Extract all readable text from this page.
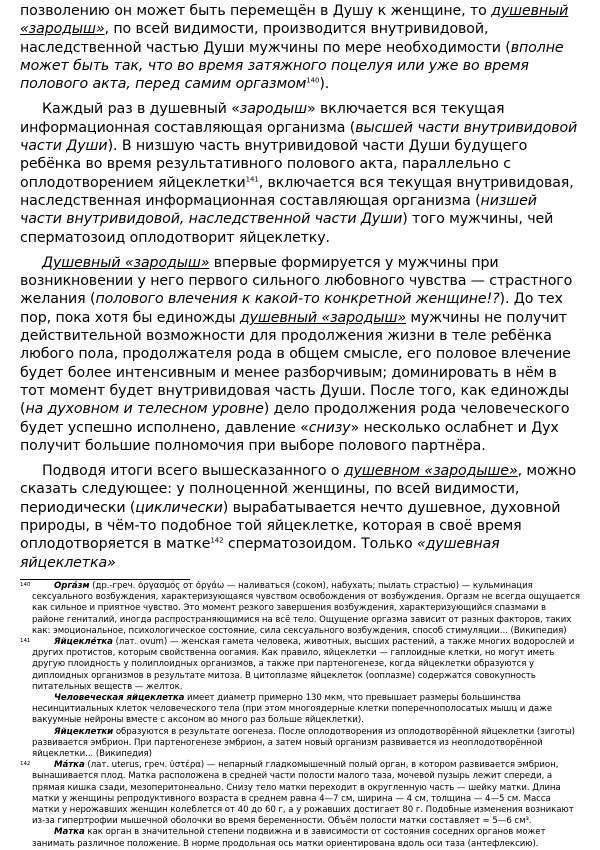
позволению он может быть перемещён в Душу к женщине, то душевный «зародыш», по всей видимости, производится внутривидовой, наследственной частью Души мужчины по мере необходимости (вполне может быть так, что во время затяжного поцелуя или уже во время полового акта, перед самим оргазмом$^{140}$).

Каждый раз в душевный «зародыш» включается вся текущая информационная составляющая организма (высшей части внутривидовой части Души). В низшую часть внутривидовой части Души будущего ребёнка во время результативного полового акта, параллельно с оплодотворением яйцеклетки$^{141}$, включается вся текущая внутривидовая, наследственная информационная составляющая организма (низшей части внутривидовой, наследственной части Души) того мужчины, чей сперматозоид оплодотворит яйцеклетку.

Душевный «зародыш» впервые формируется у мужчины при возникновении у него первого сильного любовного чувства — страстного желания (полового влечения к какой-то конкретной женщине!?). До тех пор, пока хотя бы единожды душевный «зародыш» мужчины не получит действительной возможности для продолжения жизни в теле ребёнка любого пола, продолжателя рода в общем смысле, его половое влечение будет более интенсивным и менее разборчивым; доминировать в нём в тот момент будет внутривидовая часть Души. После того, как единожды (на духовном и телесном уровне) дело продолжения рода человеческого будет успешно исполнено, давление «снизу» несколько ослабнет и Дух получит большие полномочия при выборе полового партнёра.

Подводя итоги всего вышесказанного о душевном «зародыше», можно сказать следующее: у полноценной женщины, по всей видимости, периодически (циклически) вырабатывается нечто душевное, духовной природы, в чём-то подобное той яйцеклетке, которая в своё время оплодотворяется в матке$^{142}$ сперматозоидом. Только «душевная яйцеклетка»

140	Орга́зм (др.-греч. ὀργασμός от ὀργάω — наливаться (соком), набухать; пылать страстью) — кульминация сексуального возбуждения, характеризующаяся чувством освобождения от возбуждения. Оргазм не всегда ощущается как сильное и приятное чувство. Это момент резкого завершения возбуждения, характеризующийся спазмами в районе гениталий, иногда распространяющимися на всё тело. Ощущение оргазма зависит от разных факторов, таких как: эмоциональное, психологическое состояние, сила сексуального возбуждения, способ стимуляции... (Википедия)

141	Яйцекле́тка (лат. ovum) — женская гамета человека, животных, высших растений, а также многих водорослей и других протистов, которым свойственна оогамия. Как правило, яйцеклетки — гаплоидные клетки, но могут иметь другую плоидность у полиплоидных организмов, а также при партеногенезе, когда яйцеклетки образуются у диплоидных организмов в результате митоза. В цитоплазме яйцеклеток (ооплазме) содержатся совокупность питательных веществ — желток.

Человеческая яйцеклетка имеет диаметр примерно 130 мкм, что превышает размеры большинства несинцитиальных клеток человеческого тела (при этом многоядерные клетки поперечнополосатых мышц и даже вакуумные нейроны вместе с аксоном во много раз больше яйцеклетки).

Яйцеклетки образуются в результате оогенеза. После оплодотворения из оплодотворённой яйцеклетки (зиготы) развивается эмбрион. При партеногенезе эмбрион, а затем новый организм развивается из неоплодотворённой яйцеклетки... (Википедия)

142	Ма́тка (лат. uterus, греч. ὑστέρα) — непарный гладкомышечный полый орган, в котором развивается эмбрион, вынашивается плод. Матка расположена в средней части полости малого таза, мочевой пузырь лежит спереди, а прямая кишка сзади, мезоперитонеально. Снизу тело матки переходит в округленную часть — шейку матки. Длина матки у женщины репродуктивного возраста в среднем равна 4—7 см, ширина — 4 см, толщина — 4—5 см. Масса матки у нерожавших женщин колеблется от 40 до 60 г, а у рожавших достигает 80 г. Подобные изменения возникают из-за гипертрофии мышечной оболочки во время беременности. Объём полости матки составляет ≈ 5—6 см³.

Матка как орган в значительной степени подвижна и в зависимости от состояния соседних органов может занимать различное положение. В норме продольная ось матки ориентирована вдоль оси таза (антефлексию).
